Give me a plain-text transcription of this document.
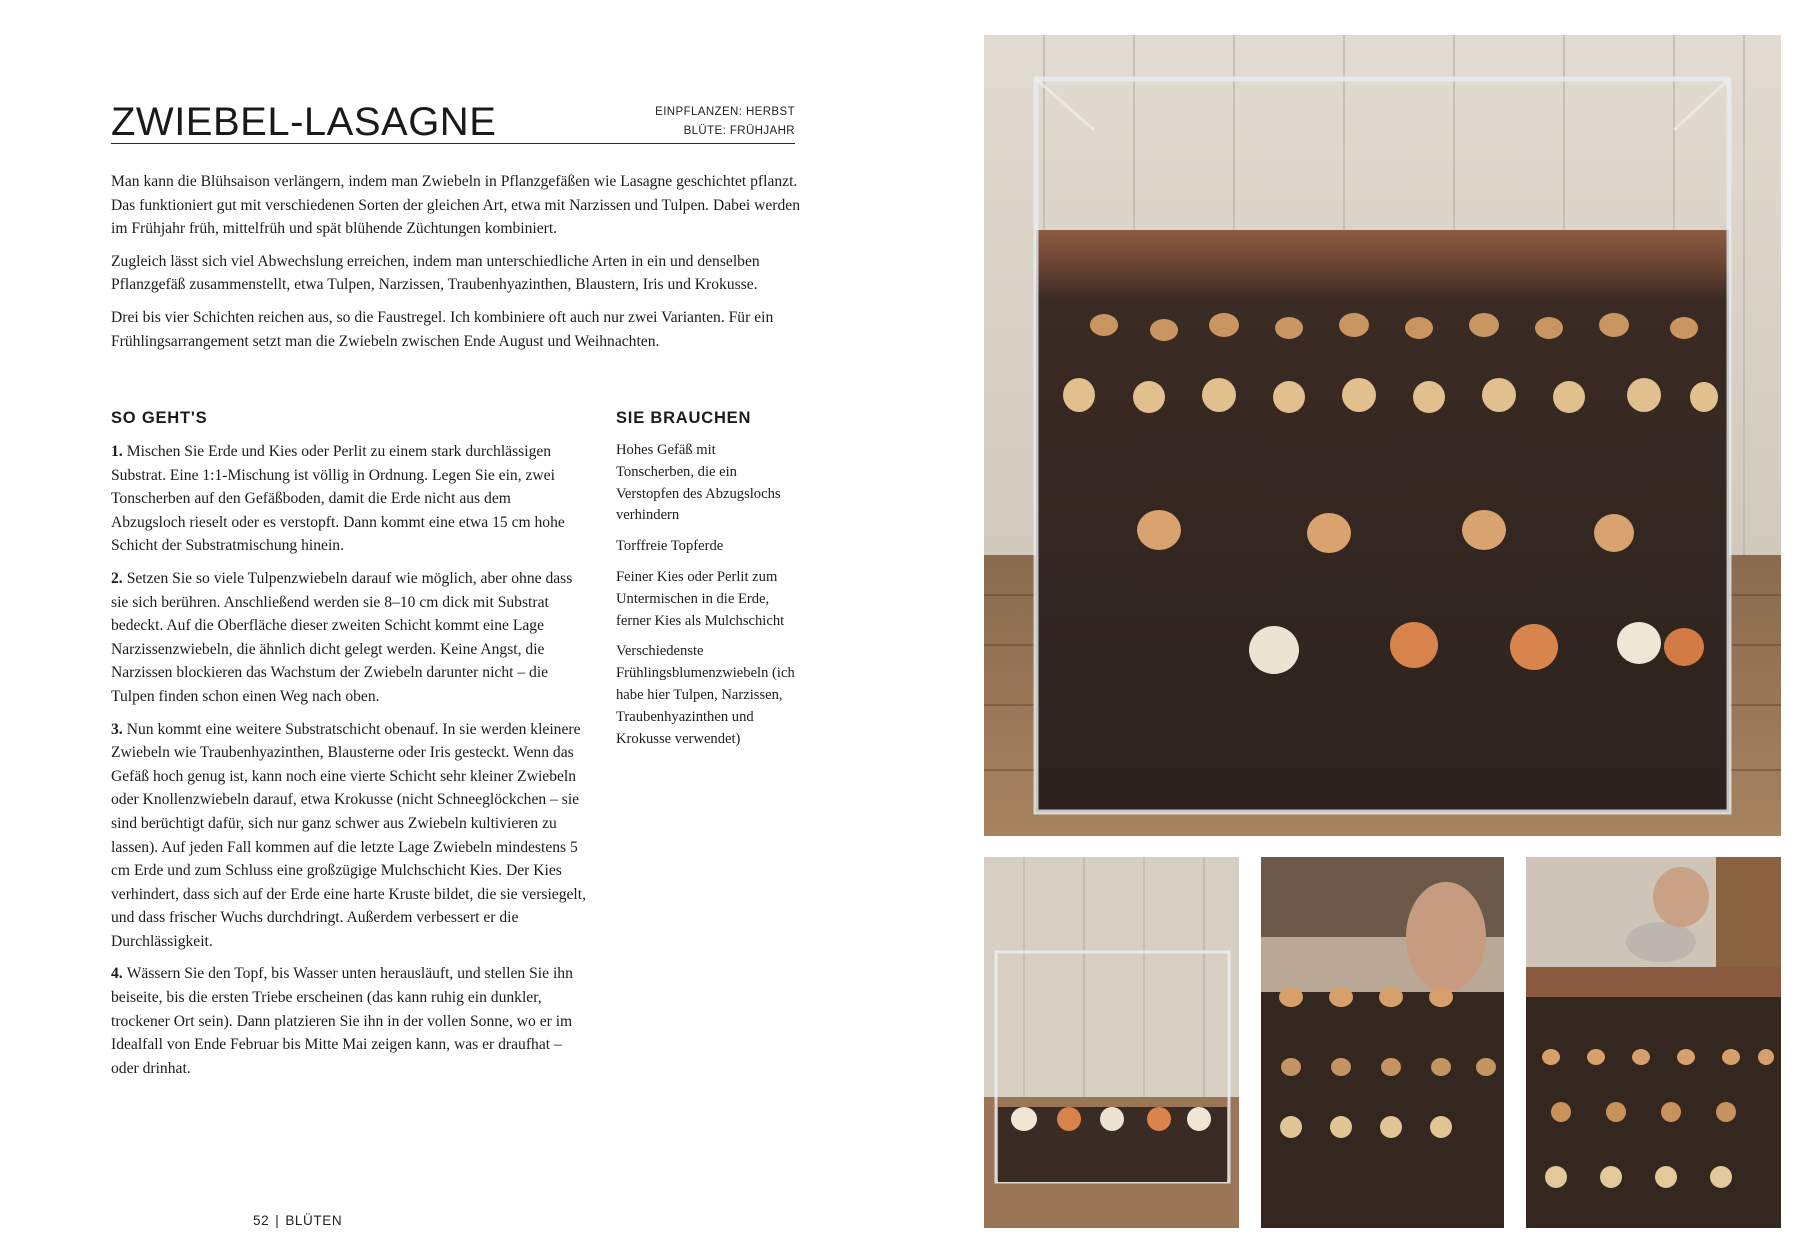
ZWIEBEL-LASAGNE	EINPFLANZEN: HERBST
BLÜTE: FRÜHJAHR

Man kann die Blühsaison verlängern, indem man Zwiebeln in Pflanzgefäßen wie Lasagne geschichtet pflanzt. Das funktioniert gut mit verschiedenen Sorten der gleichen Art, etwa mit Narzissen und Tulpen. Dabei werden im Frühjahr früh, mittelfrüh und spät blühende Züchtungen kombiniert.

Zugleich lässt sich viel Abwechslung erreichen, indem man unterschiedliche Arten in ein und denselben Pflanzgefäß zusammenstellt, etwa Tulpen, Narzissen, Traubenhyazinthen, Blaustern, Iris und Krokusse.

Drei bis vier Schichten reichen aus, so die Faustregel. Ich kombiniere oft auch nur zwei Varianten. Für ein Frühlingsarrangement setzt man die Zwiebeln zwischen Ende August und Weihnachten.

SO GEHT'S
1. Mischen Sie Erde und Kies oder Perlit zu einem stark durchlässigen Substrat. Eine 1:1-Mischung ist völlig in Ordnung. Legen Sie ein, zwei Tonscherben auf den Gefäßboden, damit die Erde nicht aus dem Abzugsloch rieselt oder es verstopft. Dann kommt eine etwa 15 cm hohe Schicht der Substratmischung hinein.
2. Setzen Sie so viele Tulpenzwiebeln darauf wie möglich, aber ohne dass sie sich berühren. Anschließend werden sie 8–10 cm dick mit Substrat bedeckt. Auf die Oberfläche dieser zweiten Schicht kommt eine Lage Narzissenzwiebeln, die ähnlich dicht gelegt werden. Keine Angst, die Narzissen blockieren das Wachstum der Zwiebeln darunter nicht – die Tulpen finden schon einen Weg nach oben.
3. Nun kommt eine weitere Substratschicht obenauf. In sie werden kleinere Zwiebeln wie Traubenhyazinthen, Blausterne oder Iris gesteckt. Wenn das Gefäß hoch genug ist, kann noch eine vierte Schicht sehr kleiner Zwiebeln oder Knollenzwiebeln darauf, etwa Krokusse (nicht Schneeglöckchen – sie sind berüchtigt dafür, sich nur ganz schwer aus Zwiebeln kultivieren zu lassen). Auf jeden Fall kommen auf die letzte Lage Zwiebeln mindestens 5 cm Erde und zum Schluss eine großzügige Mulchschicht Kies. Der Kies verhindert, dass sich auf der Erde eine harte Kruste bildet, die sie versiegelt, und dass frischer Wuchs durchdringt. Außerdem verbessert er die Durchlässigkeit.
4. Wässern Sie den Topf, bis Wasser unten herausläuft, und stellen Sie ihn beiseite, bis die ersten Triebe erscheinen (das kann ruhig ein dunkler, trockener Ort sein). Dann platzieren Sie ihn in der vollen Sonne, wo er im Idealfall von Ende Februar bis Mitte Mai zeigen kann, was er draufhat – oder drinhat.
SIE BRAUCHEN
Hohes Gefäß mit Tonscherben, die ein Verstopfen des Abzugslochs verhindern
Torffreie Topferde
Feiner Kies oder Perlit zum Untermischen in die Erde, ferner Kies als Mulchschicht
Verschiedenste Frühlingsblumenzwiebeln (ich habe hier Tulpen, Narzissen, Traubenhyazinthen und Krokusse verwendet)
52 | BLÜTEN
